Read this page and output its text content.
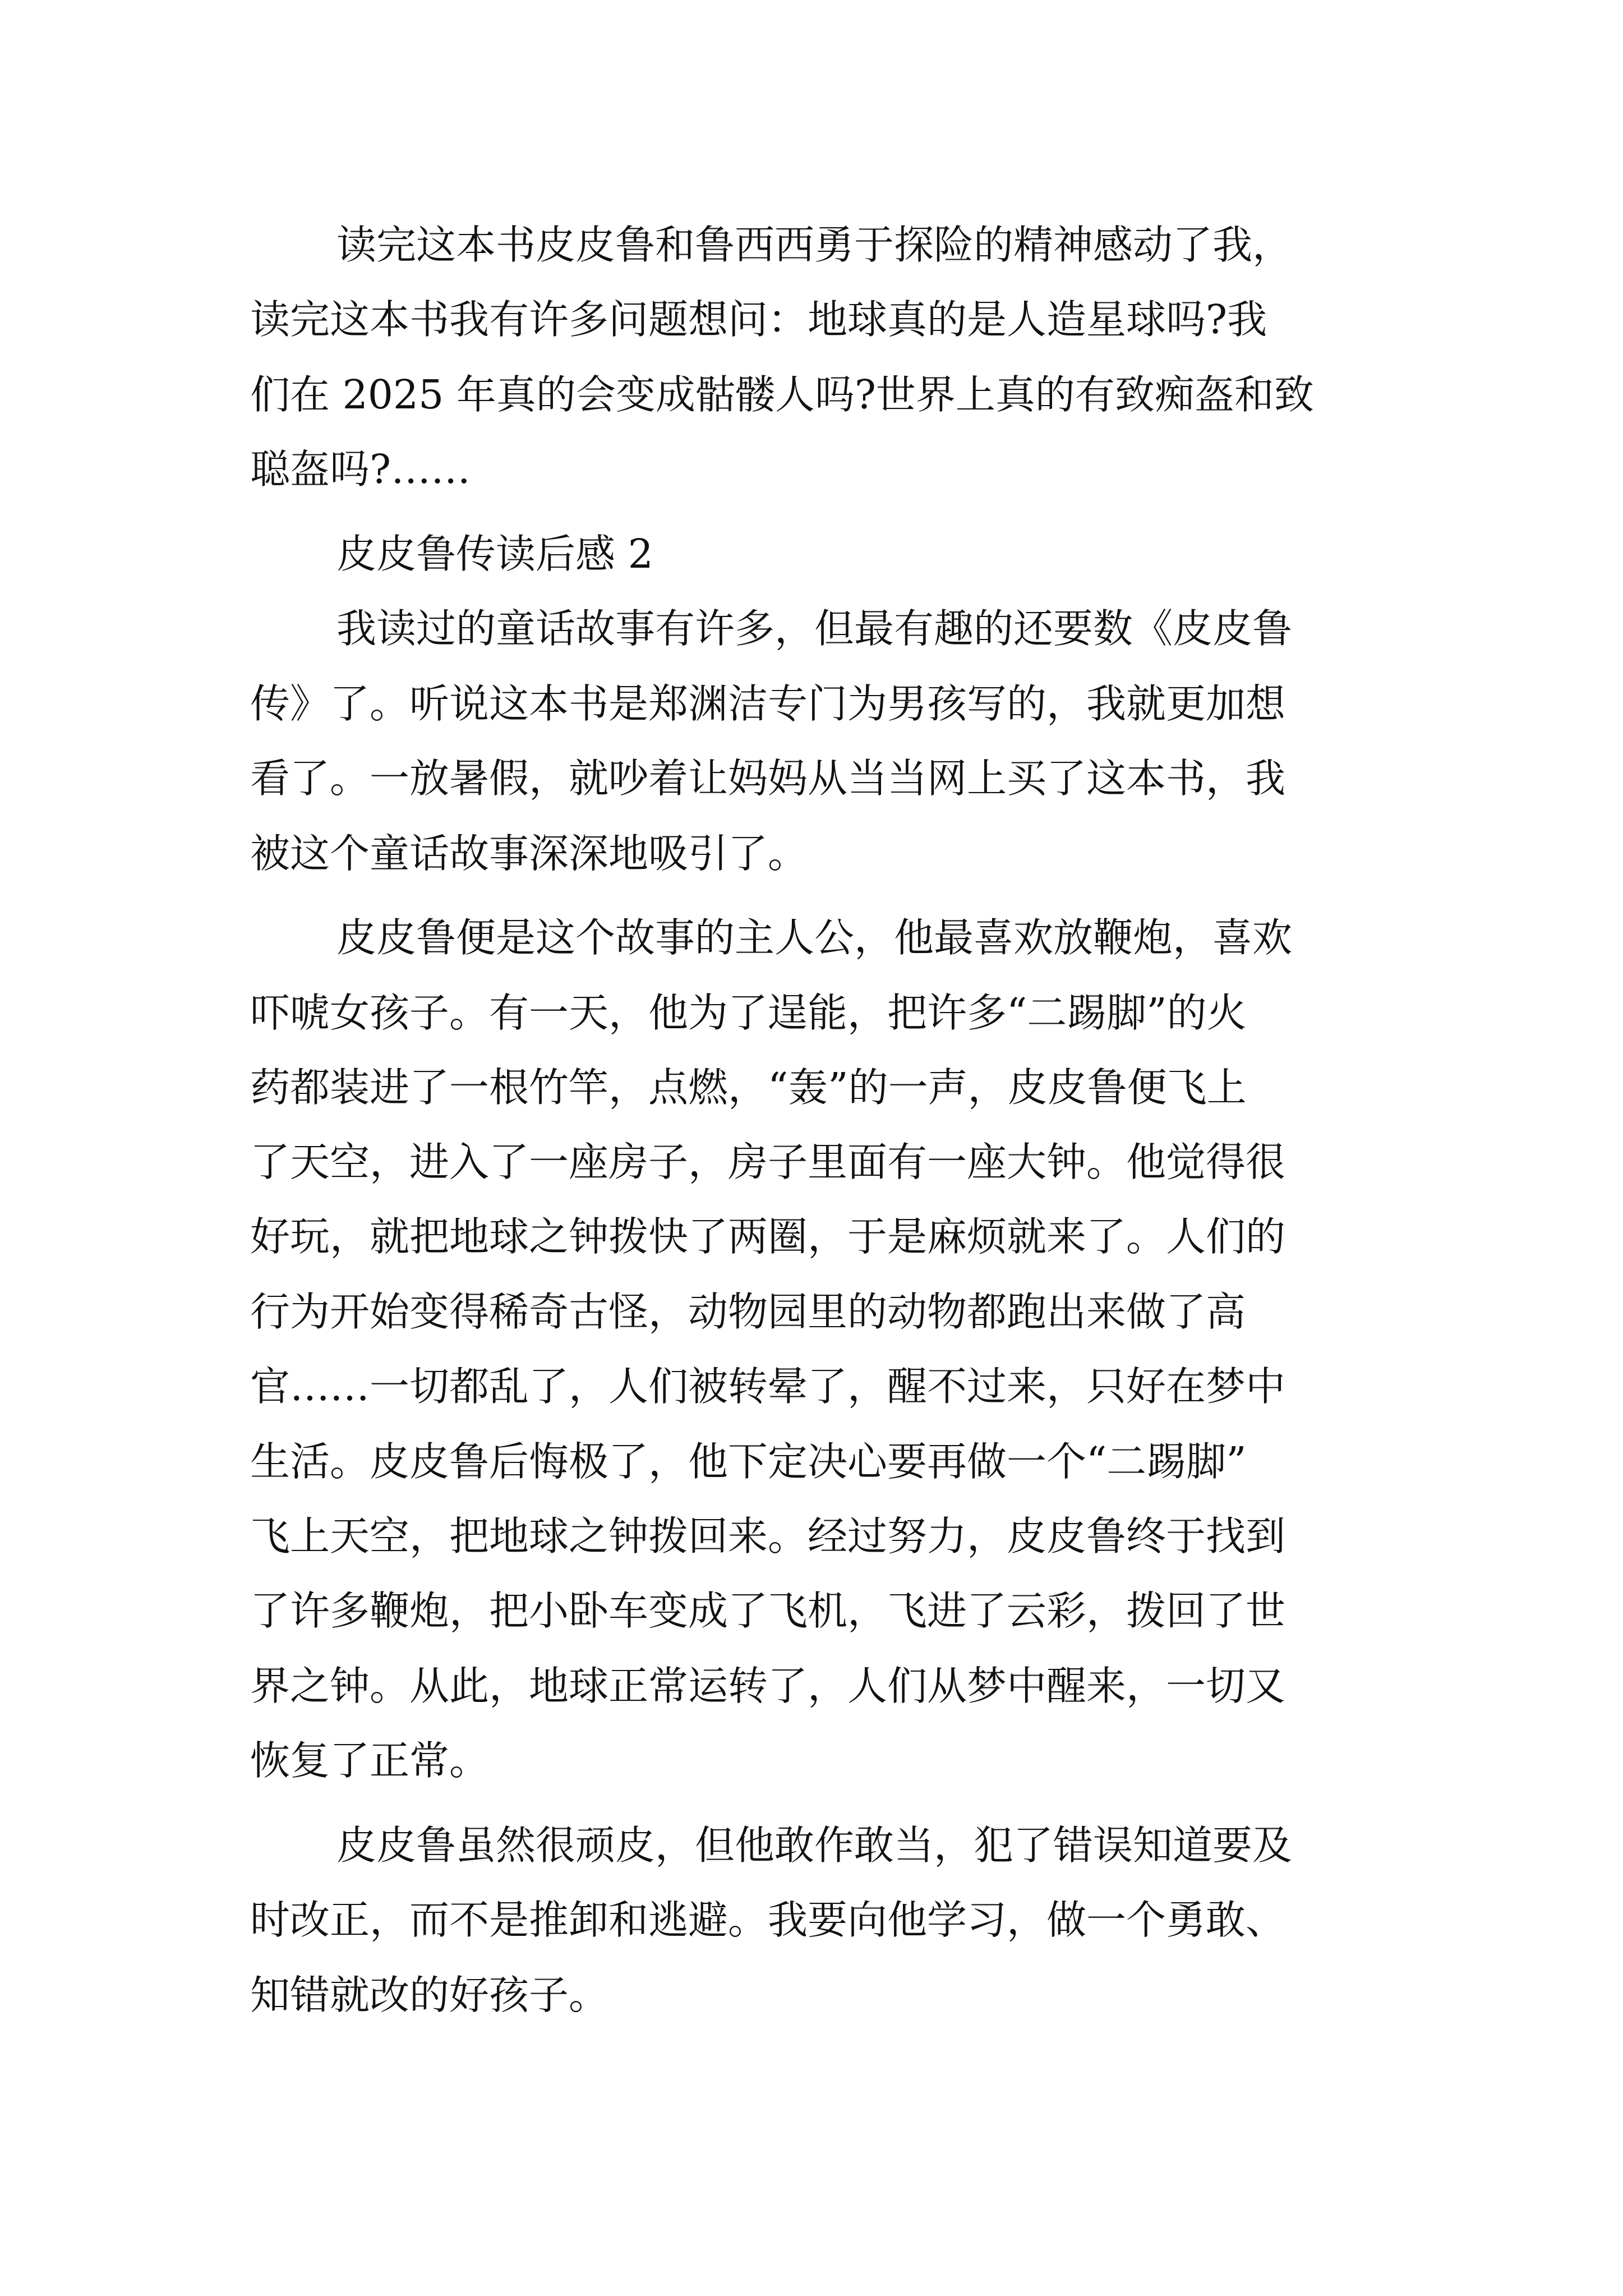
读完这本书皮皮鲁和鲁西西勇于探险的精神感动了我，
读完这本书我有许多问题想问：地球真的是人造星球吗?我
们在 2025 年真的会变成骷髅人吗?世界上真的有致痴盔和致
聪盔吗?……
皮皮鲁传读后感 2
我读过的童话故事有许多，但最有趣的还要数《皮皮鲁
传》了。听说这本书是郑渊洁专门为男孩写的，我就更加想
看了。一放暑假，就吵着让妈妈从当当网上买了这本书，我
被这个童话故事深深地吸引了。
皮皮鲁便是这个故事的主人公，他最喜欢放鞭炮，喜欢
吓唬女孩子。有一天，他为了逞能，把许多“二踢脚”的火
药都装进了一根竹竿，点燃，“轰”的一声，皮皮鲁便飞上
了天空，进入了一座房子，房子里面有一座大钟。他觉得很
好玩，就把地球之钟拨快了两圈，于是麻烦就来了。人们的
行为开始变得稀奇古怪，动物园里的动物都跑出来做了高
官……一切都乱了，人们被转晕了，醒不过来，只好在梦中
生活。皮皮鲁后悔极了，他下定决心要再做一个“二踢脚”
飞上天空，把地球之钟拨回来。经过努力，皮皮鲁终于找到
了许多鞭炮，把小卧车变成了飞机，飞进了云彩，拨回了世
界之钟。从此，地球正常运转了，人们从梦中醒来，一切又
恢复了正常。
皮皮鲁虽然很顽皮，但他敢作敢当，犯了错误知道要及
时改正，而不是推卸和逃避。我要向他学习，做一个勇敢、
知错就改的好孩子。
